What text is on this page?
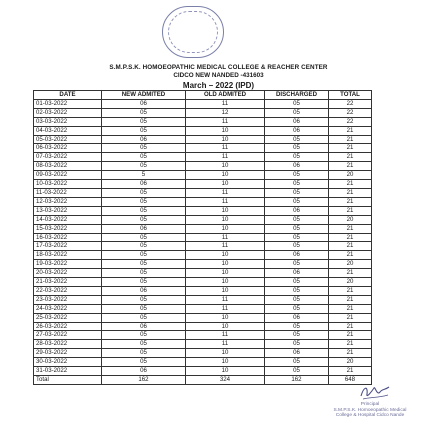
S.M.P.S.K. HOMOEOPATHIC MEDICAL COLLEGE & REACHER CENTER
CIDCO NEW NANDED -431603
March – 2022 (IPD)
DATE	NEW ADMITED	OLD ADMITED	DISCHARGED	TOTAL
01-03-2022	06	11	05	22
02-03-2022	05	12	05	22
03-03-2022	05	11	06	22
04-03-2022	05	10	06	21
05-03-2022	06	10	05	21
06-03-2022	05	11	05	21
07-03-2022	05	11	05	21
08-03-2022	05	10	06	21
09-03-2022	5	10	05	20
10-03-2022	06	10	05	21
11-03-2022	05	11	05	21
12-03-2022	05	11	05	21
13-03-2022	05	10	06	21
14-03-2022	05	10	05	20
15-03-2022	06	10	05	21
16-03-2022	05	11	05	21
17-03-2022	05	11	05	21
18-03-2022	05	10	06	21
19-03-2022	05	10	05	20
20-03-2022	05	10	06	21
21-03-2022	05	10	05	20
22-03-2022	06	10	05	21
23-03-2022	05	11	05	21
24-03-2022	05	11	05	21
25-03-2022	05	10	06	21
26-03-2022	06	10	05	21
27-03-2022	05	11	05	21
28-03-2022	05	11	05	21
29-03-2022	05	10	06	21
30-03-2022	05	10	05	20
31-03-2022	06	10	05	21
Total	162	324	162	648
Principal
S.M.P.S.K. Homoeopathic Medical
College & Hospital Cidco Nande
